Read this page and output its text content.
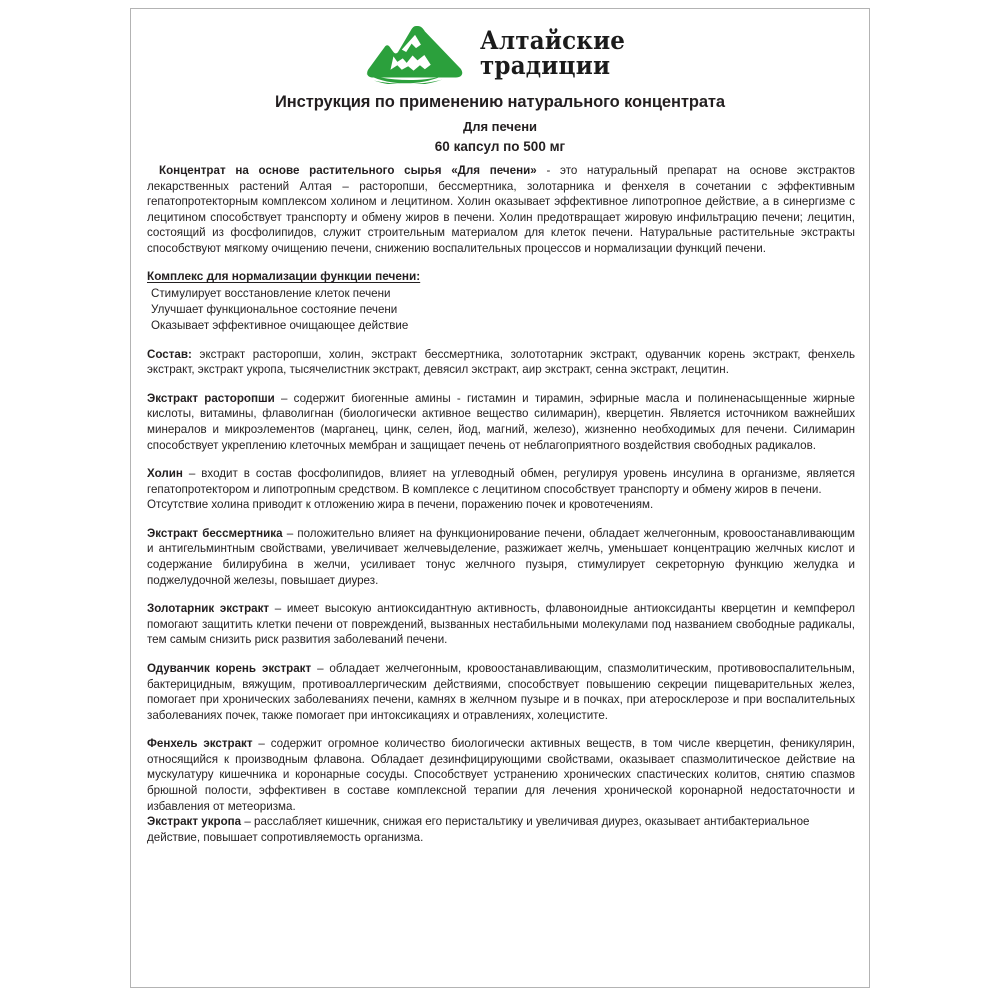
Алтайские
традиции
Инструкция по применению натурального концентрата
Для печени
60 капсул по 500 мг

Концентрат на основе растительного сырья «Для печени» - это натуральный препарат на основе экстрактов лекарственных растений Алтая – расторопши, бессмертника, золотарника и фенхеля в сочетании с эффективным гепатопротекторным комплексом холином и лецитином. Холин оказывает эффективное липотропное действие, а в синергизме с лецитином способствует транспорту и обмену жиров в печени. Холин предотвращает жировую инфильтрацию печени; лецитин, состоящий из фосфолипидов, служит строительным материалом для клеток печени. Натуральные растительные экстракты способствуют мягкому очищению печени, снижению воспалительных процессов и нормализации функций печени.

Комплекс для нормализации функции печени:
Стимулирует восстановление клеток печени
Улучшает функциональное состояние печени
Оказывает эффективное очищающее действие

Состав: экстракт расторопши, холин, экстракт бессмертника, золототарник экстракт, одуванчик корень экстракт, фенхель экстракт, экстракт укропа, тысячелистник экстракт, девясил экстракт, аир экстракт, сенна экстракт, лецитин.

Экстракт расторопши – содержит биогенные амины - гистамин и тирамин, эфирные масла и полиненасыщенные жирные кислоты, витамины, флаволигнан (биологически активное вещество силимарин), кверцетин. Является источником важнейших минералов и микроэлементов (марганец, цинк, селен, йод, магний, железо), жизненно необходимых для печени. Силимарин способствует укреплению клеточных мембран и защищает печень от неблагоприятного воздействия свободных радикалов.

Холин – входит в состав фосфолипидов, влияет на углеводный обмен, регулируя уровень инсулина в организме, является гепатопротектором и липотропным средством. В комплексе с лецитином способствует транспорту и обмену жиров в печени.

Отсутствие холина приводит к отложению жира в печени, поражению почек и кровотечениям.

Экстракт бессмертника – положительно влияет на функционирование печени, обладает желчегонным, кровоостанавливающим и антигельминтным свойствами, увеличивает желчевыделение, разжижает желчь, уменьшает концентрацию желчных кислот и содержание билирубина в желчи, усиливает тонус желчного пузыря, стимулирует секреторную функцию желудка и поджелудочной железы, повышает диурез.

Золотарник экстракт – имеет высокую антиоксидантную активность, флавоноидные антиоксиданты кверцетин и кемпферол помогают защитить клетки печени от повреждений, вызванных нестабильными молекулами под названием свободные радикалы, тем самым снизить риск развития заболеваний печени.

Одуванчик корень экстракт – обладает желчегонным, кровоостанавливающим, спазмолитическим, противовоспалительным, бактерицидным, вяжущим, противоаллергическим действиями, способствует повышению секреции пищеварительных желез, помогает при хронических заболеваниях печени, камнях в желчном пузыре и в почках, при атеросклерозе и при воспалительных заболеваниях почек, также помогает при интоксикациях и отравлениях, холецистите.

Фенхель экстракт – содержит огромное количество биологически активных веществ, в том числе кверцетин, феникулярин, относящийся к производным флавона. Обладает дезинфицирующими свойствами, оказывает спазмолитическое действие на мускулатуру кишечника и коронарные сосуды. Способствует устранению хронических спастических колитов, снятию спазмов брюшной полости, эффективен в составе комплексной терапии для лечения хронической коронарной недостаточности и избавления от метеоризма.

Экстракт укропа – расслабляет кишечник, снижая его перистальтику и увеличивая диурез, оказывает антибактериальное действие, повышает сопротивляемость организма.
